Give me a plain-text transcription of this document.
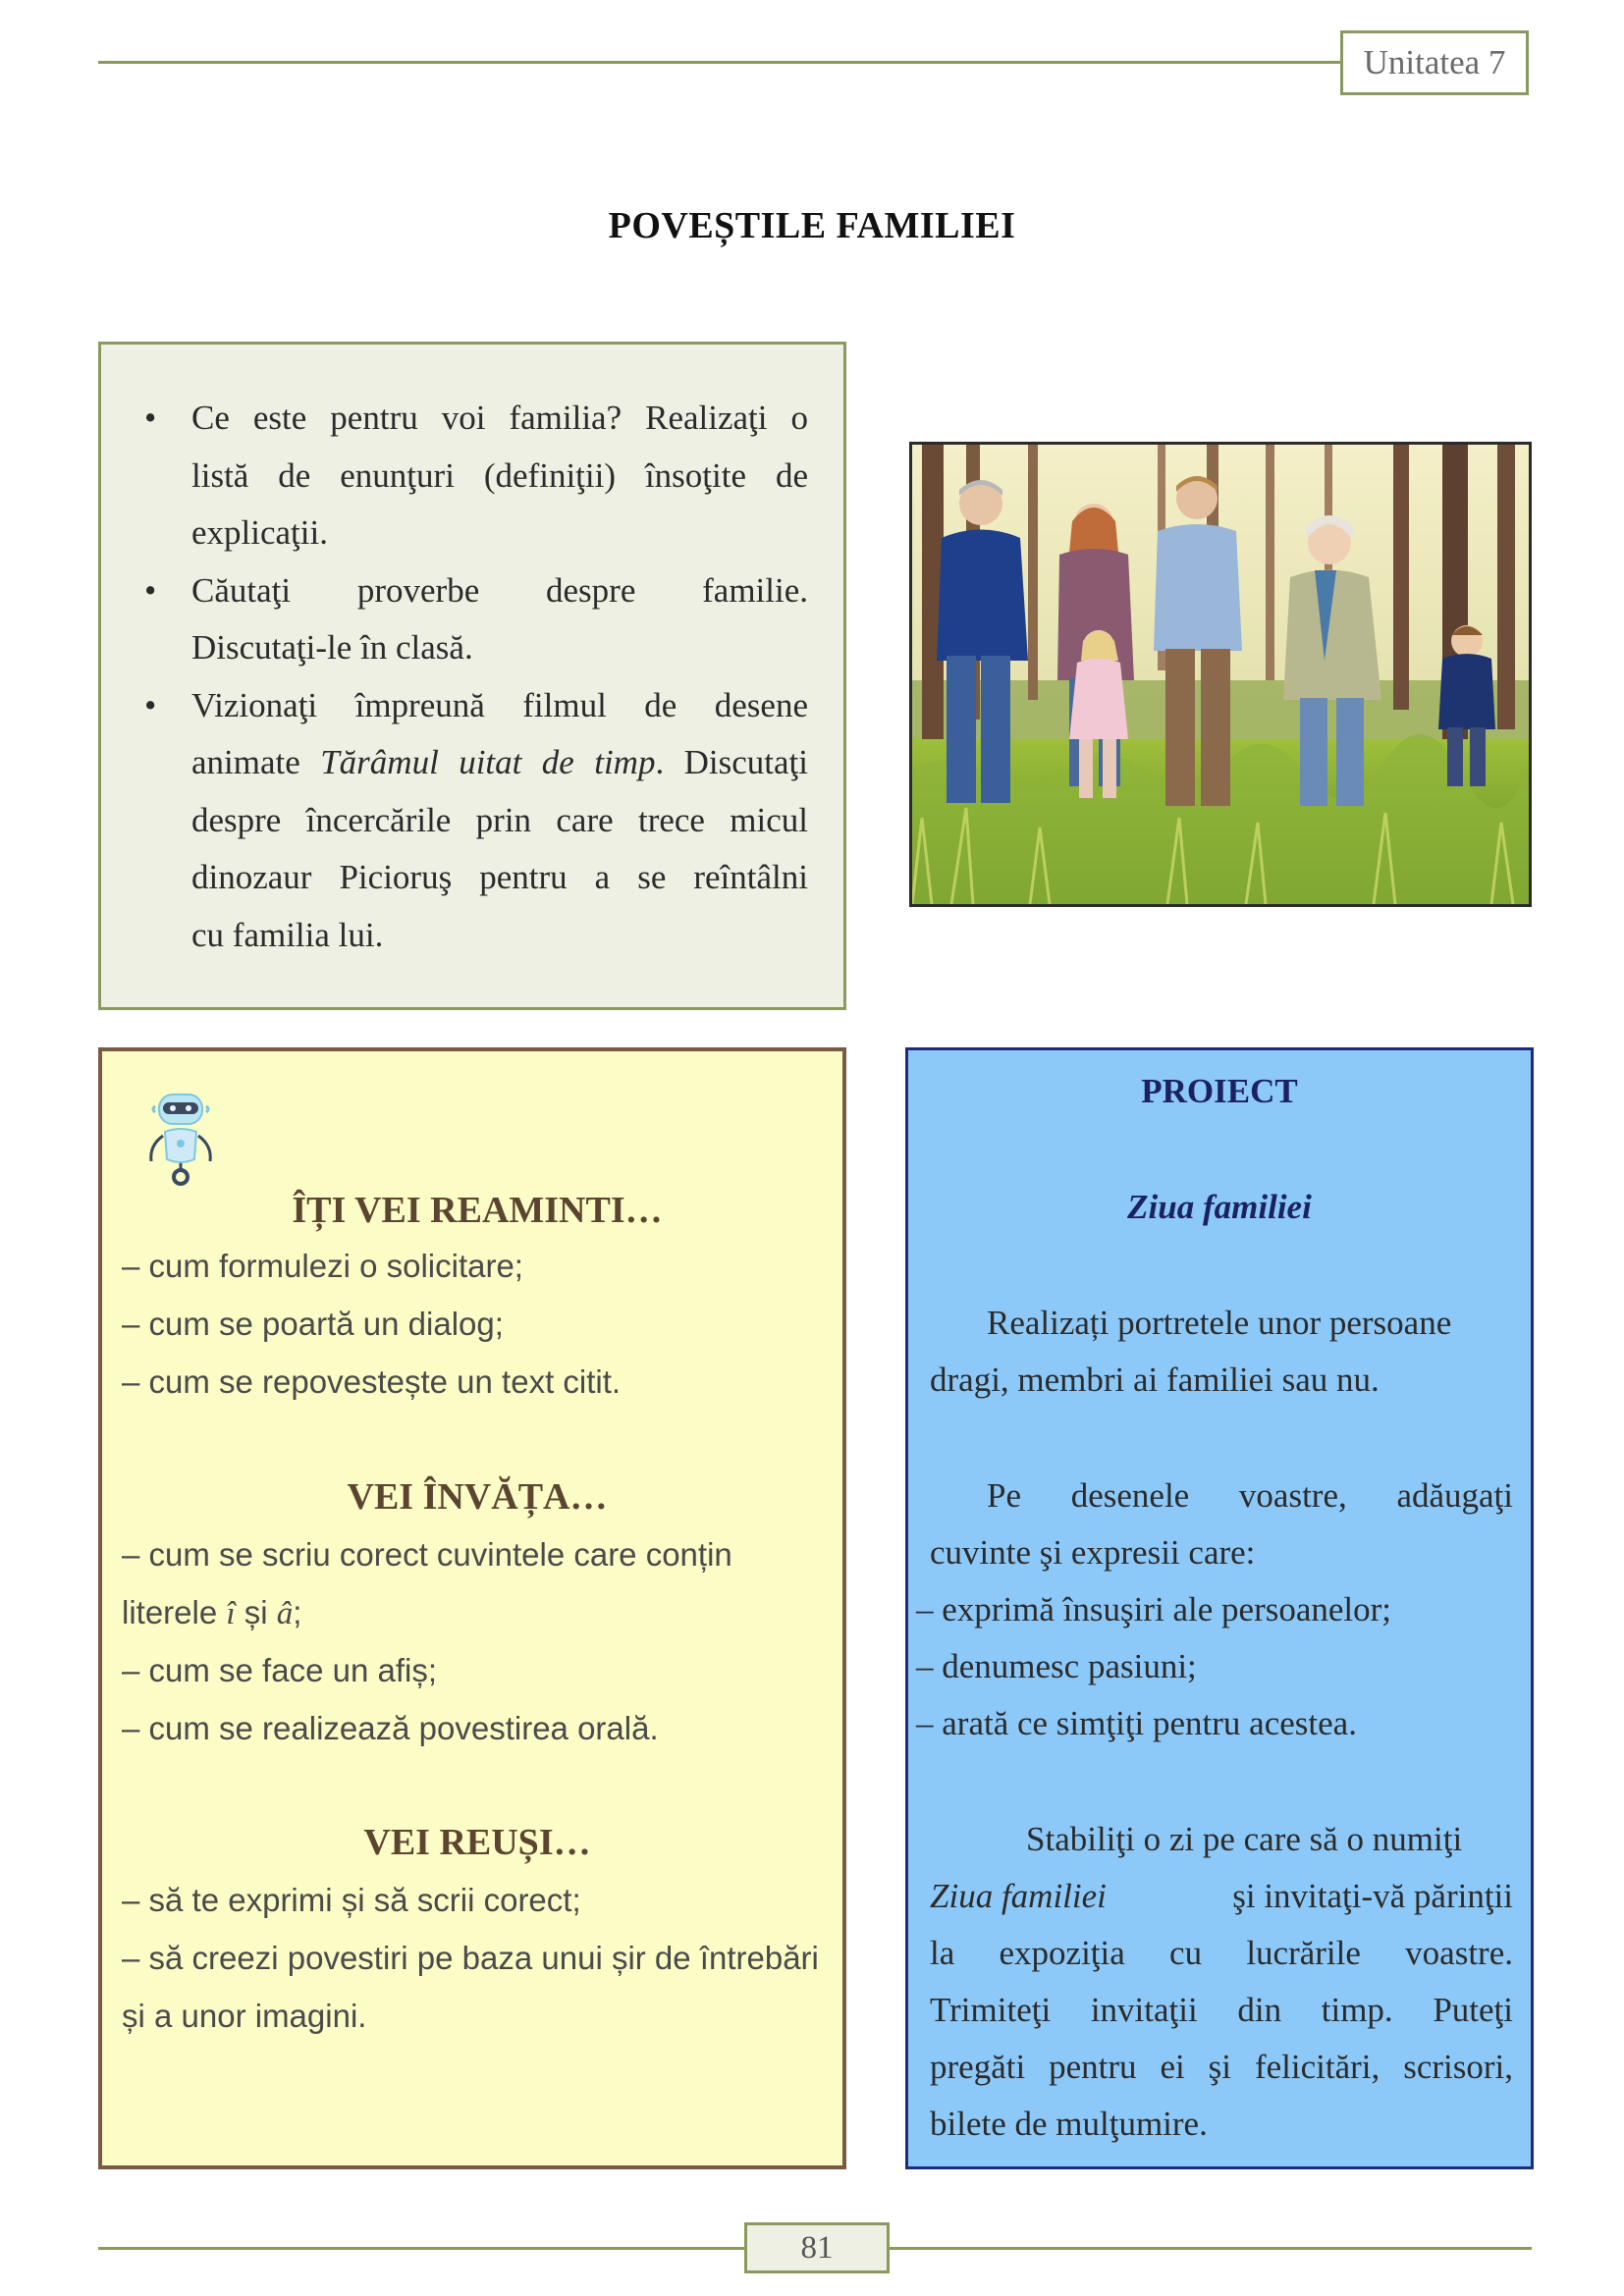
Unitatea 7
POVEȘTILE FAMILIEI
• Ce este pentru voi familia? Realizaţi o
listă de enunţuri (definiţii) însoţite de
explicaţii.
• Căutaţi proverbe despre familie.
Discutaţi-le în clasă.
• Vizionaţi împreună filmul de desene
animate Tărâmul uitat de timp. Discutaţi
despre încercările prin care trece micul
dinozaur Picioruş pentru a se reîntâlni
cu familia lui.
ÎȚI VEI REAMINTI…
– cum formulezi o solicitare;
– cum se poartă un dialog;
– cum se repovestește un text citit.
VEI ÎNVĂȚA…
– cum se scriu corect cuvintele care conțin
literele î și â;
– cum se face un afiș;
– cum se realizează povestirea orală.
VEI REUȘI…
– să te exprimi și să scrii corect;
– să creezi povestiri pe baza unui șir de întrebări
și a unor imagini.
PROIECT
Ziua familiei
Realizați portretele unor persoane
dragi, membri ai familiei sau nu.
Pe desenele voastre, adăugaţi
cuvinte şi expresii care:
– exprimă însuşiri ale persoanelor;
– denumesc pasiuni;
– arată ce simţiţi pentru acestea.
Stabiliţi o zi pe care să o numiţi
Ziua familiei	şi invitaţi-vă părinţii
la expoziţia cu lucrările voastre.
Trimiteţi invitaţii din timp. Puteţi
pregăti pentru ei şi felicitări, scrisori,
bilete de mulţumire.
81
